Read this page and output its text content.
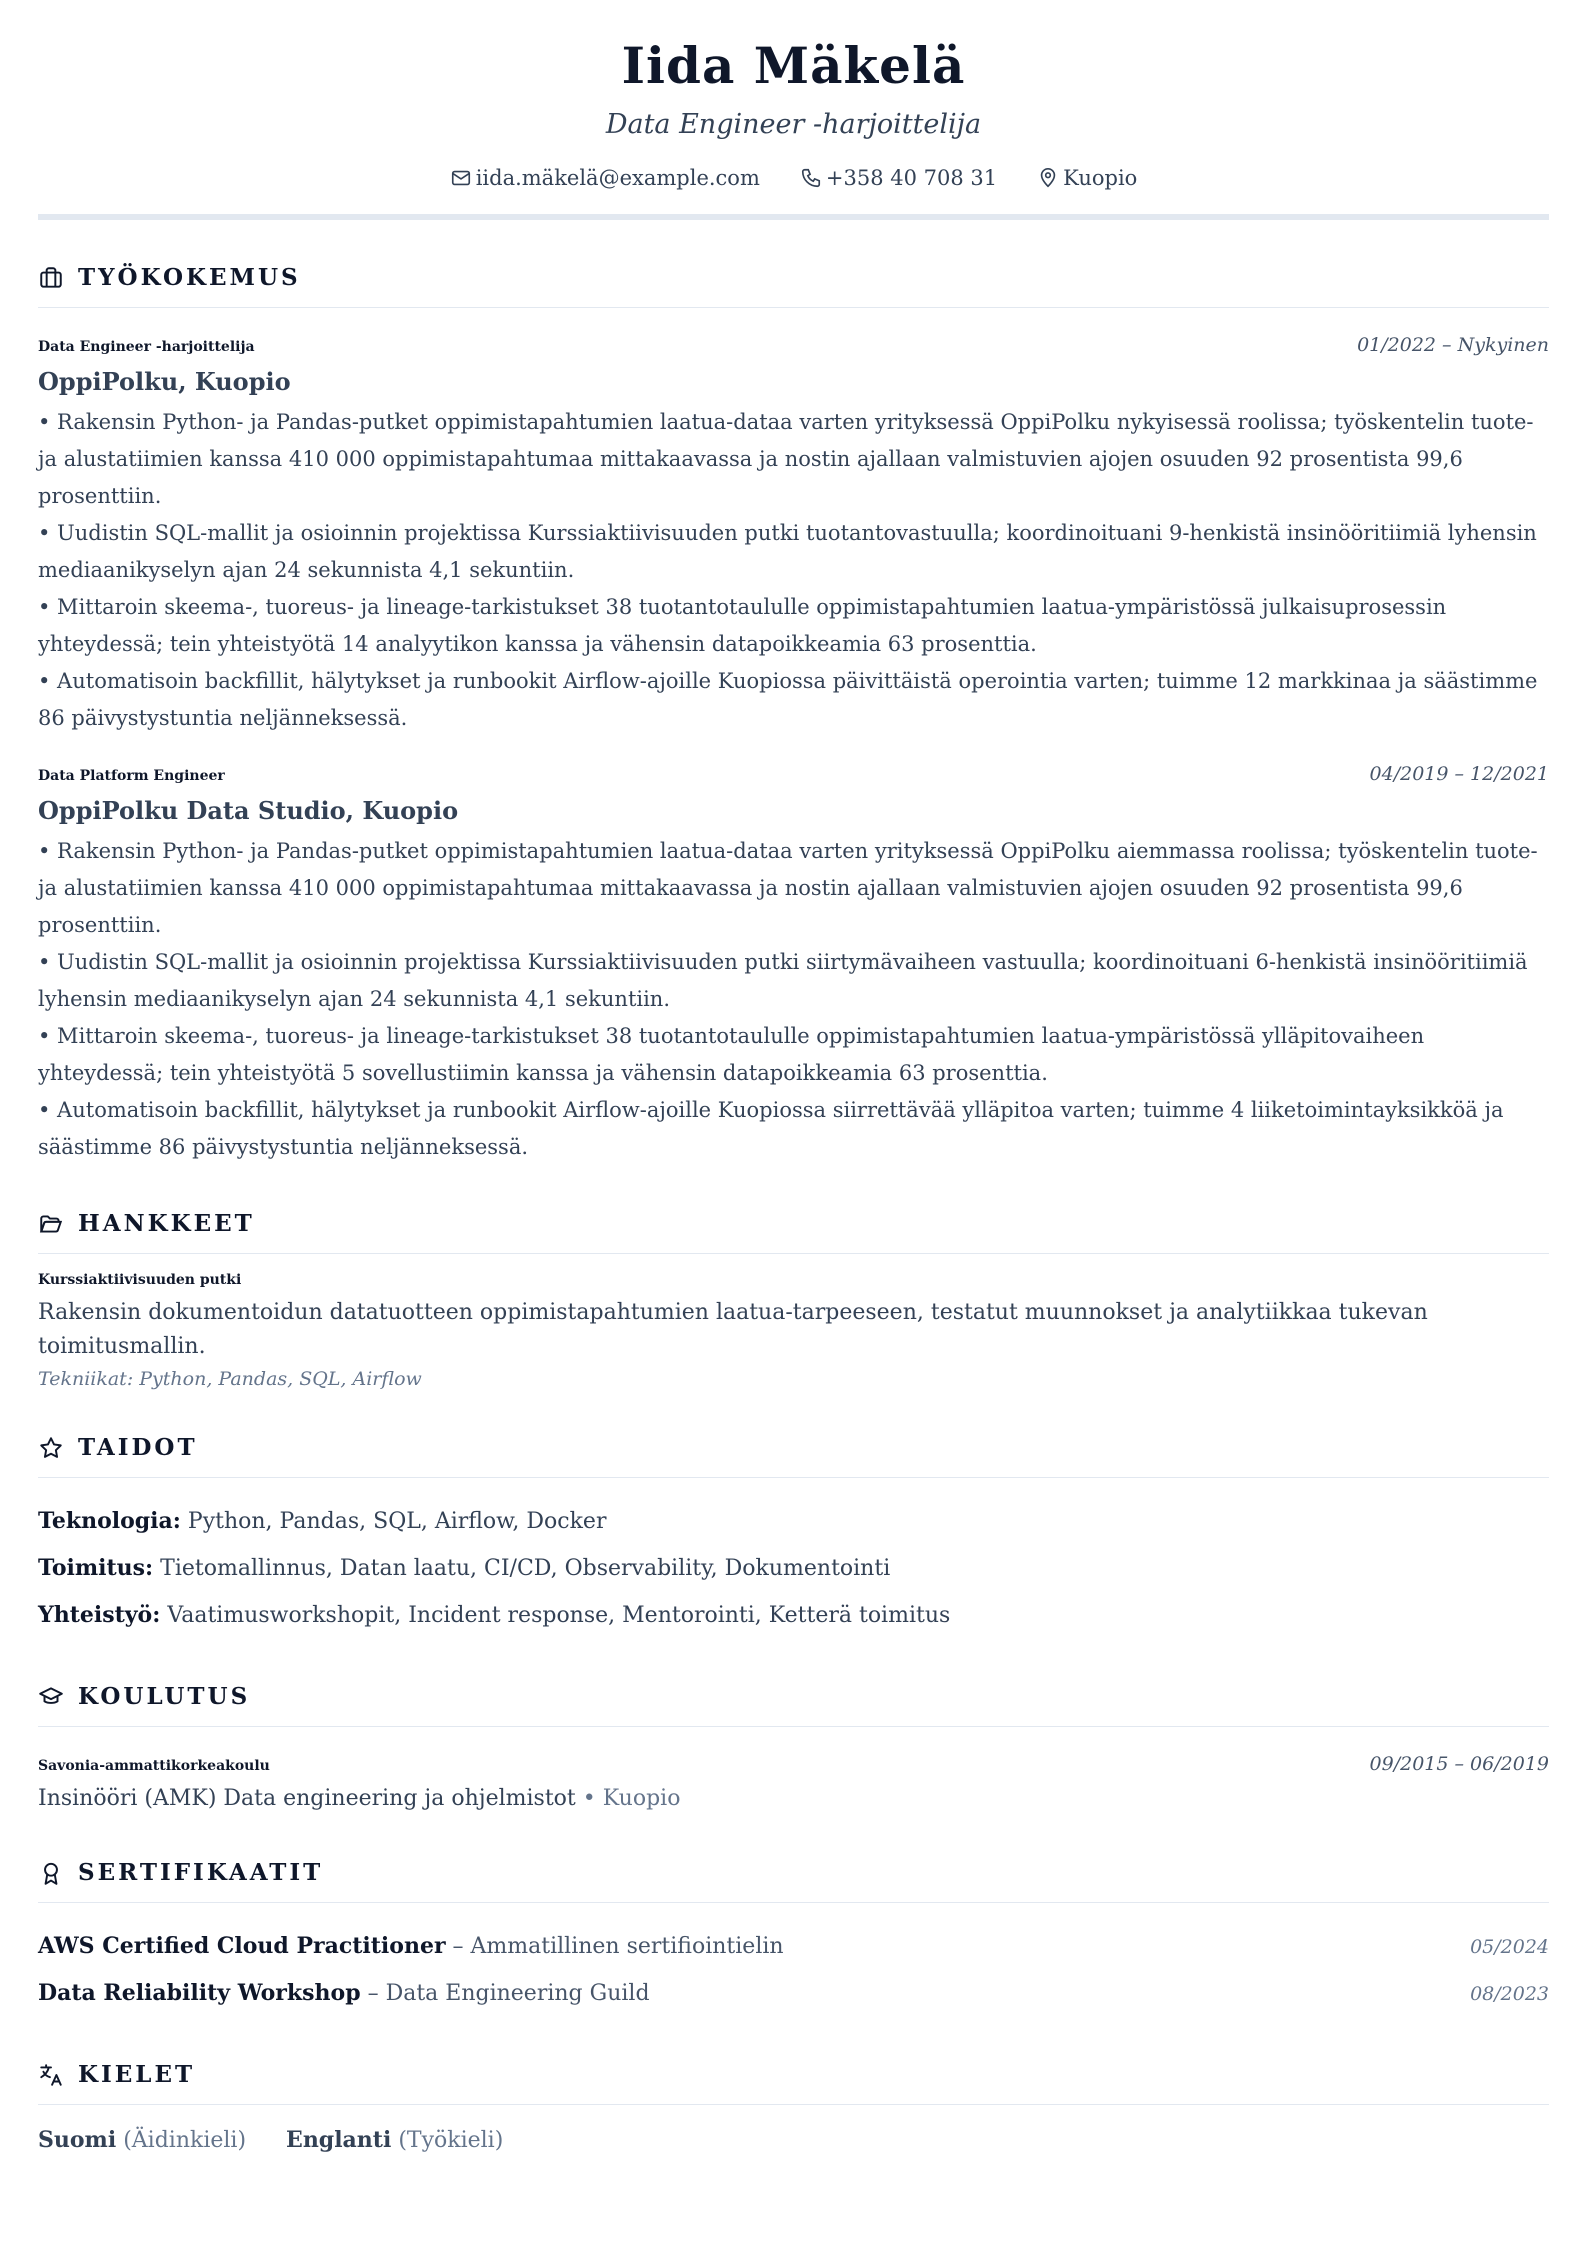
Iida Mäkelä
Data Engineer -harjoittelija
iida.mäkelä@example.com	+358 40 708 31	Kuopio
TYÖKOKEMUS
Data Engineer -harjoittelija	01/2022 – Nykyinen
OppiPolku, Kuopio
• Rakensin Python- ja Pandas-putket oppimistapahtumien laatua-dataa varten yrityksessä OppiPolku nykyisessä roolissa; työskentelin tuote- ja alustatiimien kanssa 410 000 oppimistapahtumaa mittakaavassa ja nostin ajallaan valmistuvien ajojen osuuden 92 prosentista 99,6 prosenttiin.
• Uudistin SQL-mallit ja osioinnin projektissa Kurssiaktiivisuuden putki tuotantovastuulla; koordinoituani 9-henkistä insinööritiimiä lyhensin mediaanikyselyn ajan 24 sekunnista 4,1 sekuntiin.
• Mittaroin skeema-, tuoreus- ja lineage-tarkistukset 38 tuotantotaululle oppimistapahtumien laatua-ympäristössä julkaisuprosessin yhteydessä; tein yhteistyötä 14 analyytikon kanssa ja vähensin datapoikkeamia 63 prosenttia.
• Automatisoin backfillit, hälytykset ja runbookit Airflow-ajoille Kuopiossa päivittäistä operointia varten; tuimme 12 markkinaa ja säästimme 86 päivystystuntia neljänneksessä.
Data Platform Engineer	04/2019 – 12/2021
OppiPolku Data Studio, Kuopio
• Rakensin Python- ja Pandas-putket oppimistapahtumien laatua-dataa varten yrityksessä OppiPolku aiemmassa roolissa; työskentelin tuote- ja alustatiimien kanssa 410 000 oppimistapahtumaa mittakaavassa ja nostin ajallaan valmistuvien ajojen osuuden 92 prosentista 99,6 prosenttiin.
• Uudistin SQL-mallit ja osioinnin projektissa Kurssiaktiivisuuden putki siirtymävaiheen vastuulla; koordinoituani 6-henkistä insinööritiimiä lyhensin mediaanikyselyn ajan 24 sekunnista 4,1 sekuntiin.
• Mittaroin skeema-, tuoreus- ja lineage-tarkistukset 38 tuotantotaululle oppimistapahtumien laatua-ympäristössä ylläpitovaiheen yhteydessä; tein yhteistyötä 5 sovellustiimin kanssa ja vähensin datapoikkeamia 63 prosenttia.
• Automatisoin backfillit, hälytykset ja runbookit Airflow-ajoille Kuopiossa siirrettävää ylläpitoa varten; tuimme 4 liiketoimintayksikköä ja säästimme 86 päivystystuntia neljänneksessä.
HANKKEET
Kurssiaktiivisuuden putki
Rakensin dokumentoidun datatuotteen oppimistapahtumien laatua-tarpeeseen, testatut muunnokset ja analytiikkaa tukevan toimitusmallin.
Tekniikat: Python, Pandas, SQL, Airflow
TAIDOT
Teknologia: Python, Pandas, SQL, Airflow, Docker
Toimitus: Tietomallinnus, Datan laatu, CI/CD, Observability, Dokumentointi
Yhteistyö: Vaatimusworkshopit, Incident response, Mentorointi, Ketterä toimitus
KOULUTUS
Savonia-ammattikorkeakoulu	09/2015 – 06/2019
Insinööri (AMK) Data engineering ja ohjelmistot • Kuopio
SERTIFIKAATIT
AWS Certified Cloud Practitioner – Ammatillinen sertifiointielin	05/2024
Data Reliability Workshop – Data Engineering Guild	08/2023
KIELET
Suomi (Äidinkieli) Englanti (Työkieli)
